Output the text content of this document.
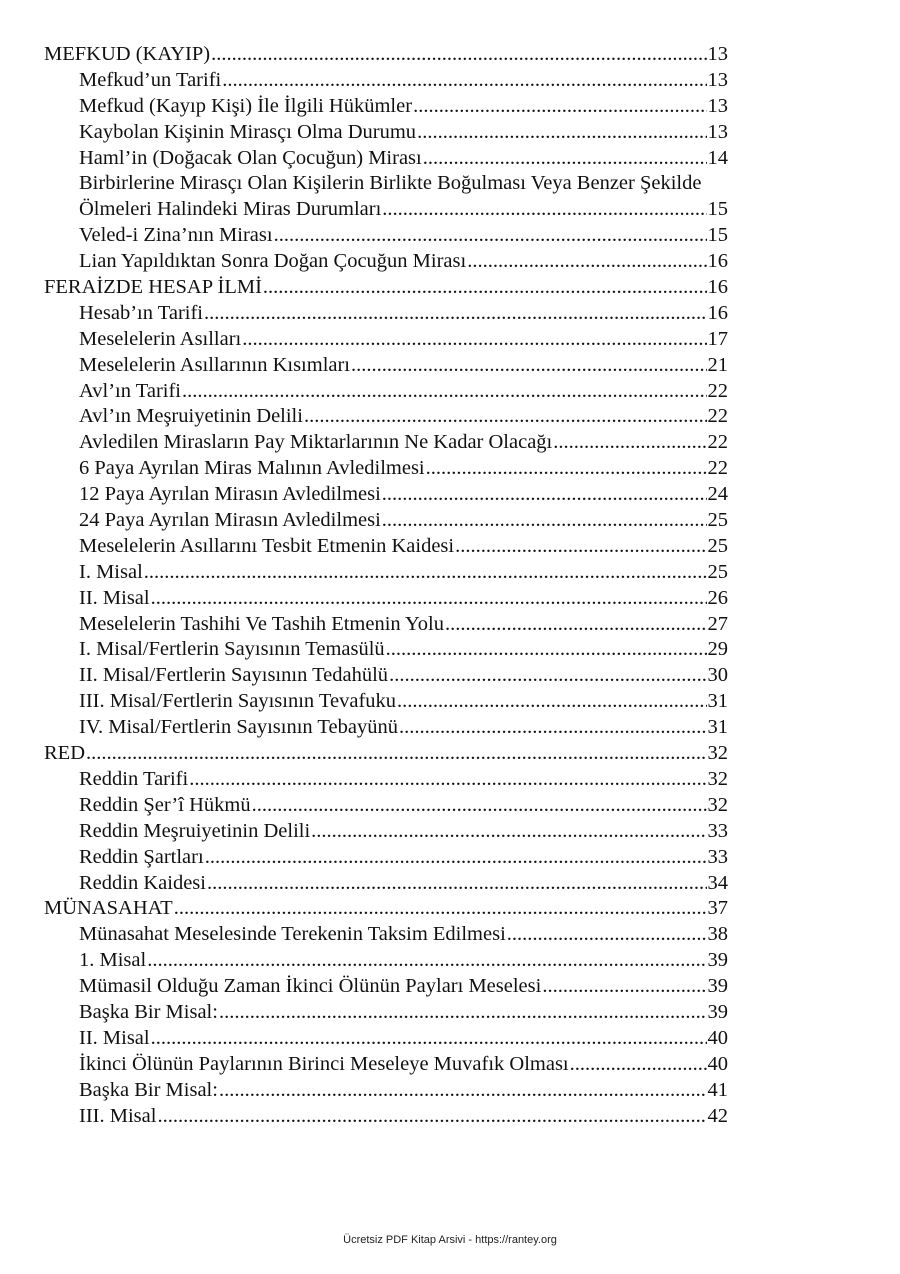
MEFKUD (KAYIP) .....	13
Mefkud’un Tarifi .....	13
Mefkud (Kayıp Kişi) İle İlgili Hükümler .....	13
Kaybolan Kişinin Mirasçı Olma Durumu .....	13
Haml’in (Doğacak Olan Çocuğun) Mirası .....	14
Birbirlerine Mirasçı Olan Kişilerin Birlikte Boğulması Veya Benzer Şekilde
Ölmeleri Halindeki Miras Durumları .....	15
Veled-i Zina’nın Mirası .....	15
Lian Yapıldıktan Sonra Doğan Çocuğun Mirası .....	16
FERAİZDE HESAP İLMİ .....	16
Hesab’ın Tarifi .....	16
Meselelerin Asılları .....	17
Meselelerin Asıllarının Kısımları .....	21
Avl’ın Tarifi .....	22
Avl’ın Meşruiyetinin Delili .....	22
Avledilen Mirasların Pay Miktarlarının Ne Kadar Olacağı .....	22
6 Paya Ayrılan Miras Malının Avledilmesi .....	22
12 Paya Ayrılan Mirasın Avledilmesi .....	24
24 Paya Ayrılan Mirasın Avledilmesi .....	25
Meselelerin Asıllarını Tesbit Etmenin Kaidesi .....	25
I. Misal .....	25
II. Misal .....	26
Meselelerin Tashihi Ve Tashih Etmenin Yolu .....	27
I. Misal/Fertlerin Sayısının Temasülü .....	29
II. Misal/Fertlerin Sayısının Tedahülü .....	30
III. Misal/Fertlerin Sayısının Tevafuku .....	31
IV. Misal/Fertlerin Sayısının Tebayünü .....	31
RED .....	32
Reddin Tarifi .....	32
Reddin Şer’î Hükmü .....	32
Reddin Meşruiyetinin Delili .....	33
Reddin Şartları .....	33
Reddin Kaidesi .....	34
MÜNASAHAT .....	37
Münasahat Meselesinde Terekenin Taksim Edilmesi .....	38
1. Misal .....	39
Mümasil Olduğu Zaman İkinci Ölünün Payları Meselesi .....	39
Başka Bir Misal: .....	39
II. Misal .....	40
İkinci Ölünün Paylarının Birinci Meseleye Muvafık Olması .....	40
Başka Bir Misal: .....	41
III. Misal .....	42
Ücretsiz PDF Kitap Arsivi - https://rantey.org
